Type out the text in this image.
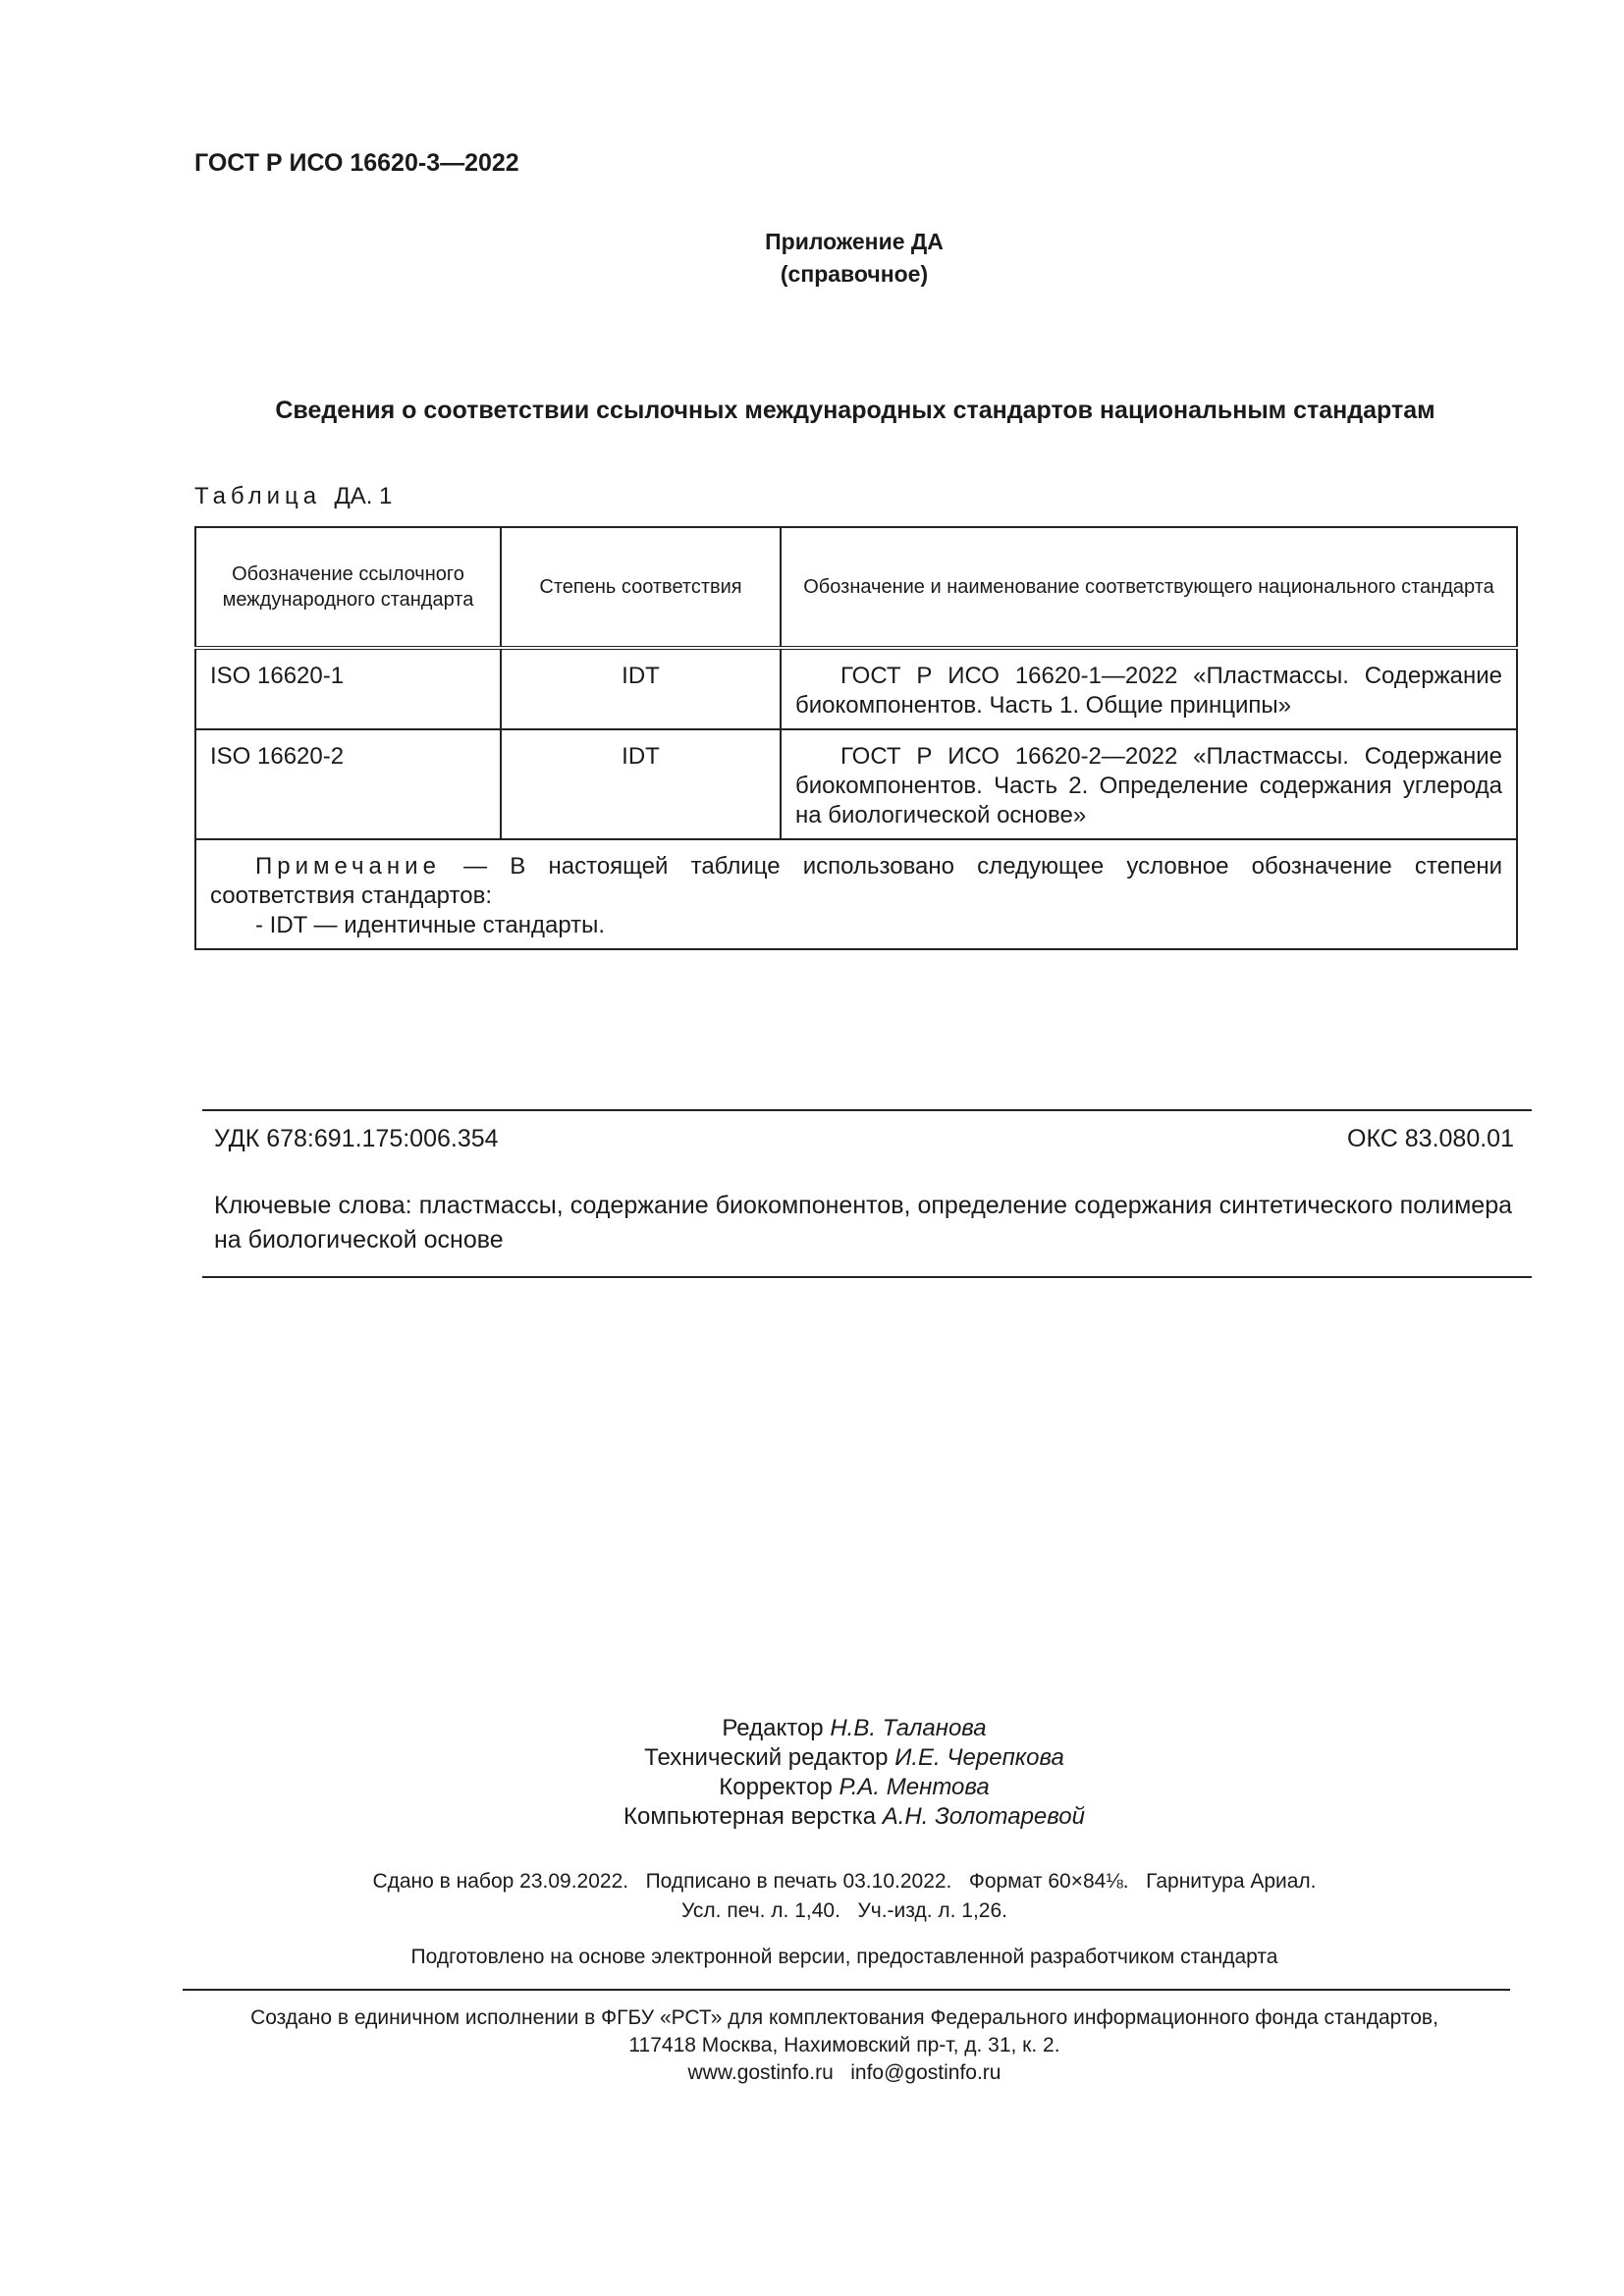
ГОСТ Р ИСО 16620-3—2022
Приложение ДА
(справочное)
Сведения о соответствии ссылочных международных стандартов национальным стандартам
Таблица ДА. 1
Обозначение ссылочного международного стандарта	Степень соответствия	Обозначение и наименование соответствующего национального стандарта
ISO 16620-1	IDT	ГОСТ Р ИСО 16620-1—2022 «Пластмассы. Содержание биокомпонентов. Часть 1. Общие принципы»
ISO 16620-2	IDT	ГОСТ Р ИСО 16620-2—2022 «Пластмассы. Содержание биокомпонентов. Часть 2. Определение содержания углерода на биологической основе»

Примечание — В настоящей таблице использовано следующее условное обозначение степени соответствия стандартов:
- IDT — идентичные стандарты.		
УДК 678:691.175:006.354	ОКС 83.080.01
Ключевые слова: пластмассы, содержание биокомпонентов, определение содержания синтетического полимера на биологической основе
Редактор Н.В. Таланова
Технический редактор И.Е. Черепкова
Корректор Р.А. Ментова
Компьютерная верстка А.Н. Золотаревой
Сдано в набор 23.09.2022.   Подписано в печать 03.10.2022.   Формат 60×84⅛.   Гарнитура Ариал.
Усл. печ. л. 1,40.   Уч.-изд. л. 1,26.
Подготовлено на основе электронной версии, предоставленной разработчиком стандарта
Создано в единичном исполнении в ФГБУ «РСТ» для комплектования Федерального информационного фонда стандартов,
117418 Москва, Нахимовский пр-т, д. 31, к. 2.
www.gostinfo.ru   info@gostinfo.ru
